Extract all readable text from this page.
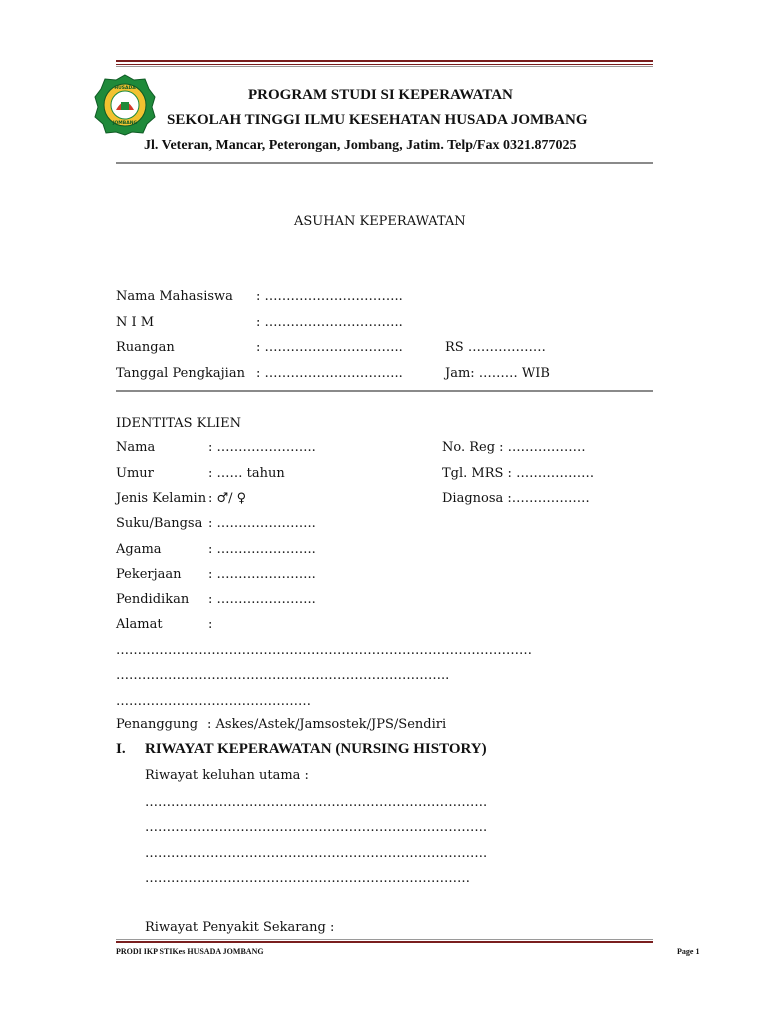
HUSADA
JOMBANG
PROGRAM STUDI SI KEPERAWATAN
SEKOLAH TINGGI ILMU KESEHATAN HUSADA JOMBANG
Jl. Veteran, Mancar, Peterongan, Jombang, Jatim. Telp/Fax 0321.877025
ASUHAN KEPERAWATAN
Nama Mahasiswa : …………………………..
N I M	: …………………………..
Ruangan	: …………………………..	RS ………………
Tanggal Pengkajian : …………………………..	Jam: ……… WIB
IDENTITAS KLIEN
Nama	: …………………..	No. Reg : ………………
Umur	: …… tahun	Tgl. MRS : ………………
Jenis Kelamin : ♂/ ♀	Diagnosa :………………
Suku/Bangsa : …………………..
Agama	: …………………..
Pekerjaan : …………………..
Pendidikan : …………………..
Alamat	:
……………………………………………………………………………………
…………………………………………………………………..
………………………………………
Penanggung : Askes/Astek/Jamsostek/JPS/Sendiri
I. RIWAYAT KEPERAWATAN (NURSING HISTORY)
Riwayat keluhan utama :
…………………………………………………………………….
…………………………………………………………………….
…………………………………………………………………….
…………………………………………………………………
Riwayat Penyakit Sekarang :
PRODI IKP STIKes HUSADA JOMBANG	Page 1
